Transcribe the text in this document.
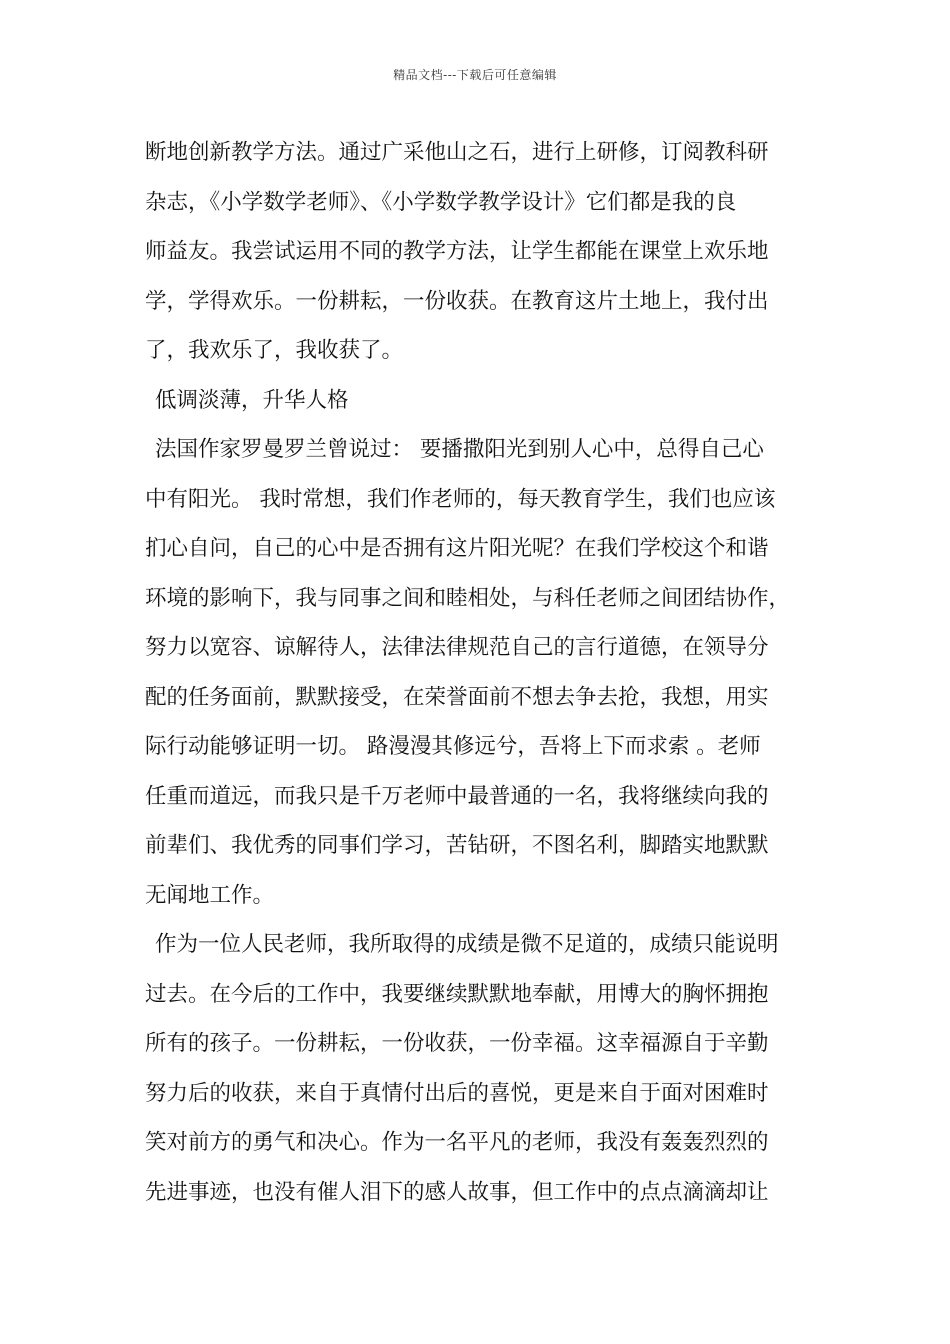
精品文档---下载后可任意编辑
断地创新教学方法。通过广采他山之石，进行上研修，订阅教科研
杂志，《小学数学老师》、《小学数学教学设计》它们都是我的良
师益友。我尝试运用不同的教学方法，让学生都能在课堂上欢乐地
学，学得欢乐。一份耕耘，一份收获。在教育这片土地上，我付出
了，我欢乐了，我收获了。
低调淡薄，升华人格
法国作家罗曼罗兰曾说过： 要播撒阳光到别人心中，总得自己心
中有阳光。 我时常想，我们作老师的，每天教育学生，我们也应该
扪心自问，自己的心中是否拥有这片阳光呢？在我们学校这个和谐
环境的影响下，我与同事之间和睦相处，与科任老师之间团结协作，
努力以宽容、谅解待人，法律法律规范自己的言行道德，在领导分
配的任务面前，默默接受，在荣誉面前不想去争去抢，我想，用实
际行动能够证明一切。 路漫漫其修远兮，吾将上下而求索 。老师
任重而道远，而我只是千万老师中最普通的一名，我将继续向我的
前辈们、我优秀的同事们学习，苦钻研，不图名利，脚踏实地默默
无闻地工作。
作为一位人民老师，我所取得的成绩是微不足道的，成绩只能说明
过去。在今后的工作中，我要继续默默地奉献，用博大的胸怀拥抱
所有的孩子。一份耕耘，一份收获，一份幸福。这幸福源自于辛勤
努力后的收获，来自于真情付出后的喜悦，更是来自于面对困难时
笑对前方的勇气和决心。作为一名平凡的老师，我没有轰轰烈烈的
先进事迹，也没有催人泪下的感人故事，但工作中的点点滴滴却让
